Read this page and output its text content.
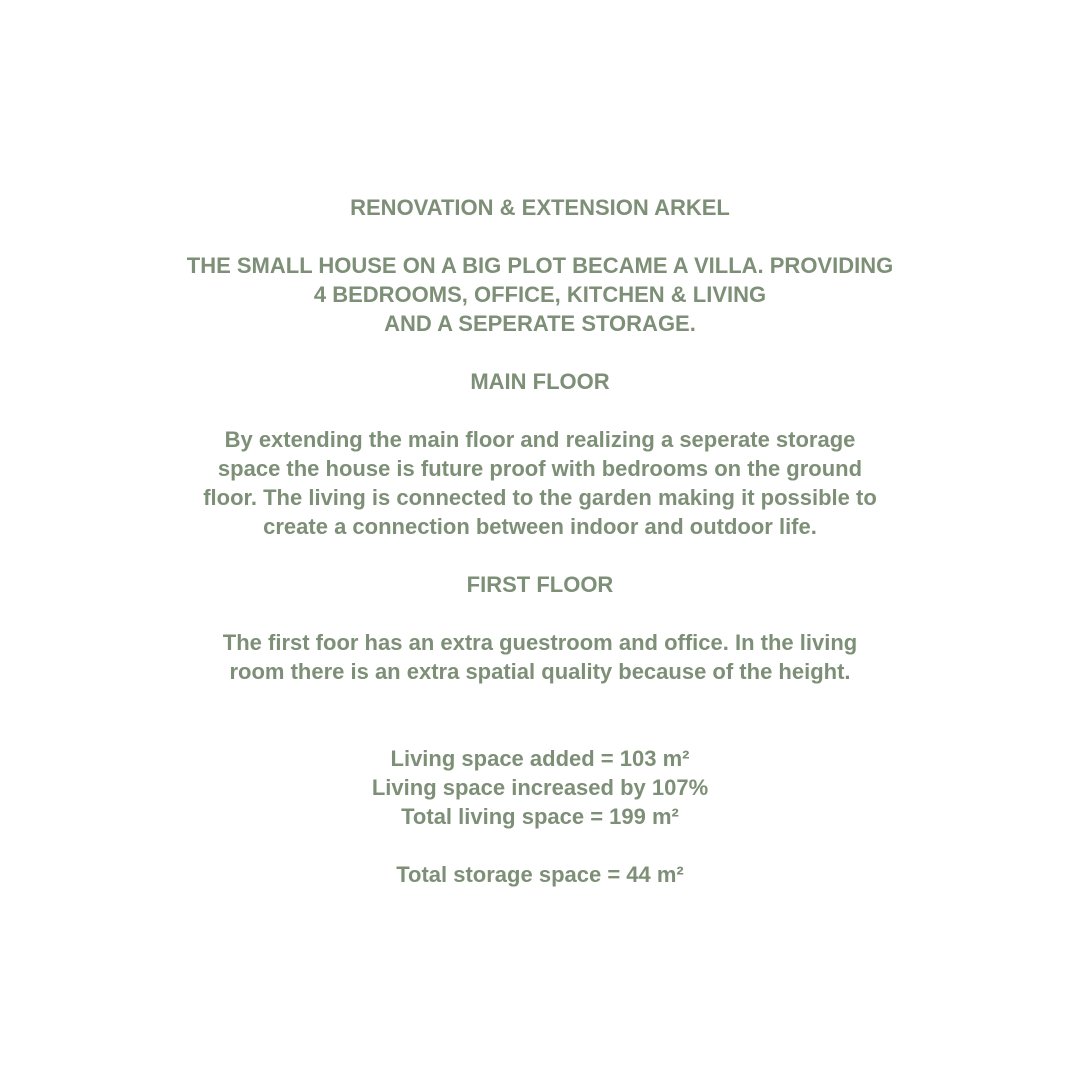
RENOVATION & EXTENSION ARKEL
THE SMALL HOUSE ON A BIG PLOT BECAME A VILLA. PROVIDING
4 BEDROOMS, OFFICE, KITCHEN & LIVING
AND A SEPERATE STORAGE.
MAIN FLOOR
By extending the main floor and realizing a seperate storage
space the house is future proof with bedrooms on the ground
floor. The living is connected to the garden making it possible to
create a connection between indoor and outdoor life.
FIRST FLOOR
The first foor has an extra guestroom and office. In the living
room there is an extra spatial quality because of the height.
Living space added = 103 m²
Living space increased by 107%
Total living space = 199 m²
Total storage space = 44 m²
